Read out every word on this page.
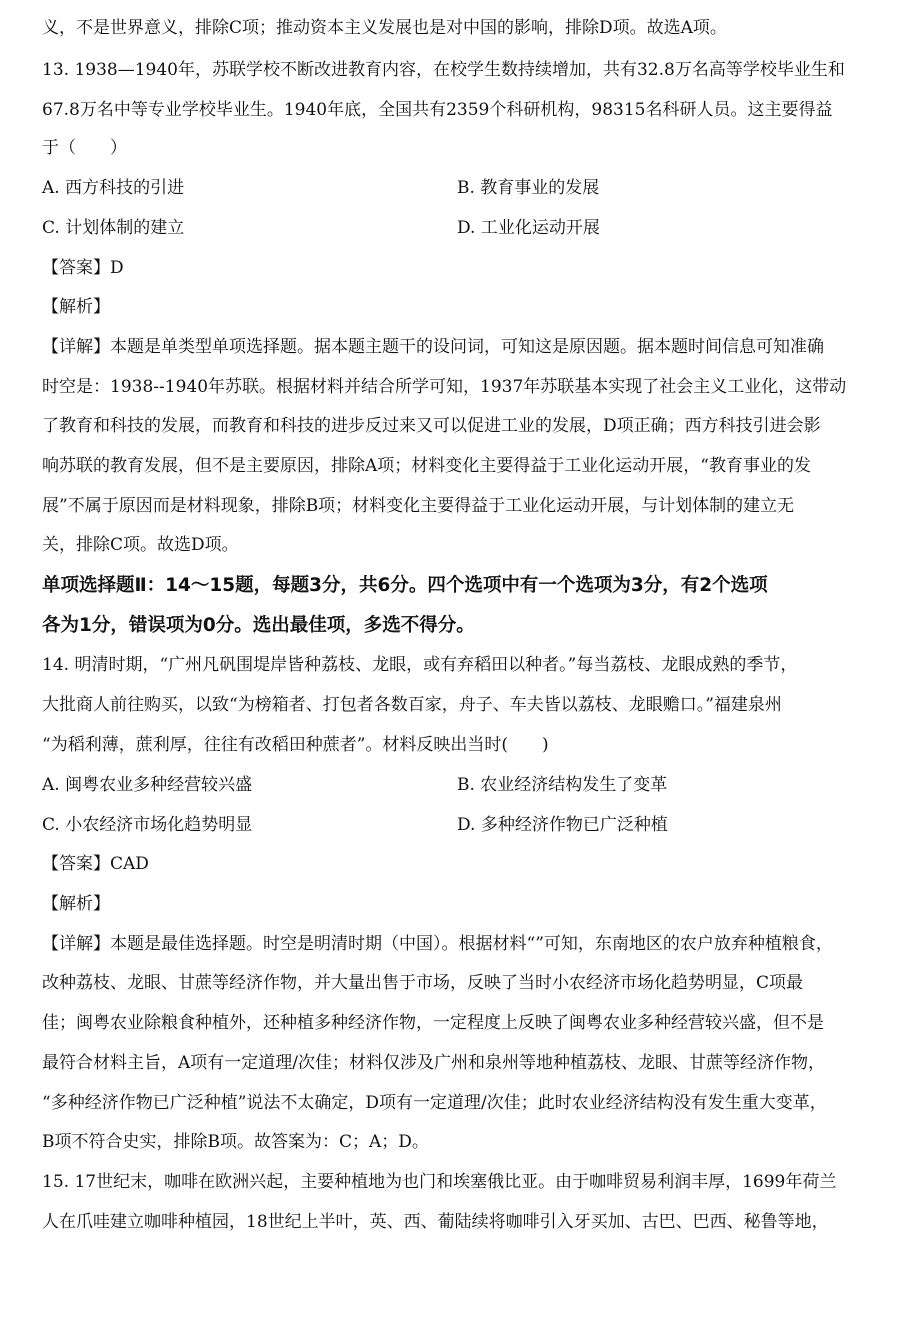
义，不是世界意义，排除C项；推动资本主义发展也是对中国的影响，排除D项。故选A项。
13. 1938—1940年，苏联学校不断改进教育内容，在校学生数持续增加，共有32.8万名高等学校毕业生和
67.8万名中等专业学校毕业生。1940年底，全国共有2359个科研机构，98315名科研人员。这主要得益
于（　　）
A. 西方科技的引进	B. 教育事业的发展
C. 计划体制的建立	D. 工业化运动开展
【答案】D
【解析】
【详解】本题是单类型单项选择题。据本题主题干的设问词，可知这是原因题。据本题时间信息可知准确
时空是：1938--1940年苏联。根据材料并结合所学可知，1937年苏联基本实现了社会主义工业化，这带动
了教育和科技的发展，而教育和科技的进步反过来又可以促进工业的发展，D项正确；西方科技引进会影
响苏联的教育发展，但不是主要原因，排除A项；材料变化主要得益于工业化运动开展，“教育事业的发
展”不属于原因而是材料现象，排除B项；材料变化主要得益于工业化运动开展，与计划体制的建立无
关，排除C项。故选D项。
单项选择题Ⅱ：14～15题，每题3分，共6分。四个选项中有一个选项为3分，有2个选项
各为1分，错误项为0分。选出最佳项，多选不得分。
14. 明清时期，“广州凡矾围堤岸皆种荔枝、龙眼，或有弃稻田以种者。”每当荔枝、龙眼成熟的季节，
大批商人前往购买，以致“为榜箱者、打包者各数百家，舟子、车夫皆以荔枝、龙眼赡口。”福建泉州
“为稻利薄，蔗利厚，往往有改稻田种蔗者”。材料反映出当时(　　)
A. 闽粤农业多种经营较兴盛	B. 农业经济结构发生了变革
C. 小农经济市场化趋势明显	D. 多种经济作物已广泛种植
【答案】CAD
【解析】
【详解】本题是最佳选择题。时空是明清时期（中国）。根据材料“”可知，东南地区的农户放弃种植粮食，
改种荔枝、龙眼、甘蔗等经济作物，并大量出售于市场，反映了当时小农经济市场化趋势明显，C项最
佳；闽粤农业除粮食种植外，还种植多种经济作物，一定程度上反映了闽粤农业多种经营较兴盛，但不是
最符合材料主旨，A项有一定道理/次佳；材料仅涉及广州和泉州等地种植荔枝、龙眼、甘蔗等经济作物，
“多种经济作物已广泛种植”说法不太确定，D项有一定道理/次佳；此时农业经济结构没有发生重大变革，
B项不符合史实，排除B项。故答案为：C；A；D。
15. 17世纪末，咖啡在欧洲兴起，主要种植地为也门和埃塞俄比亚。由于咖啡贸易利润丰厚，1699年荷兰
人在爪哇建立咖啡种植园，18世纪上半叶，英、西、葡陆续将咖啡引入牙买加、古巴、巴西、秘鲁等地，
